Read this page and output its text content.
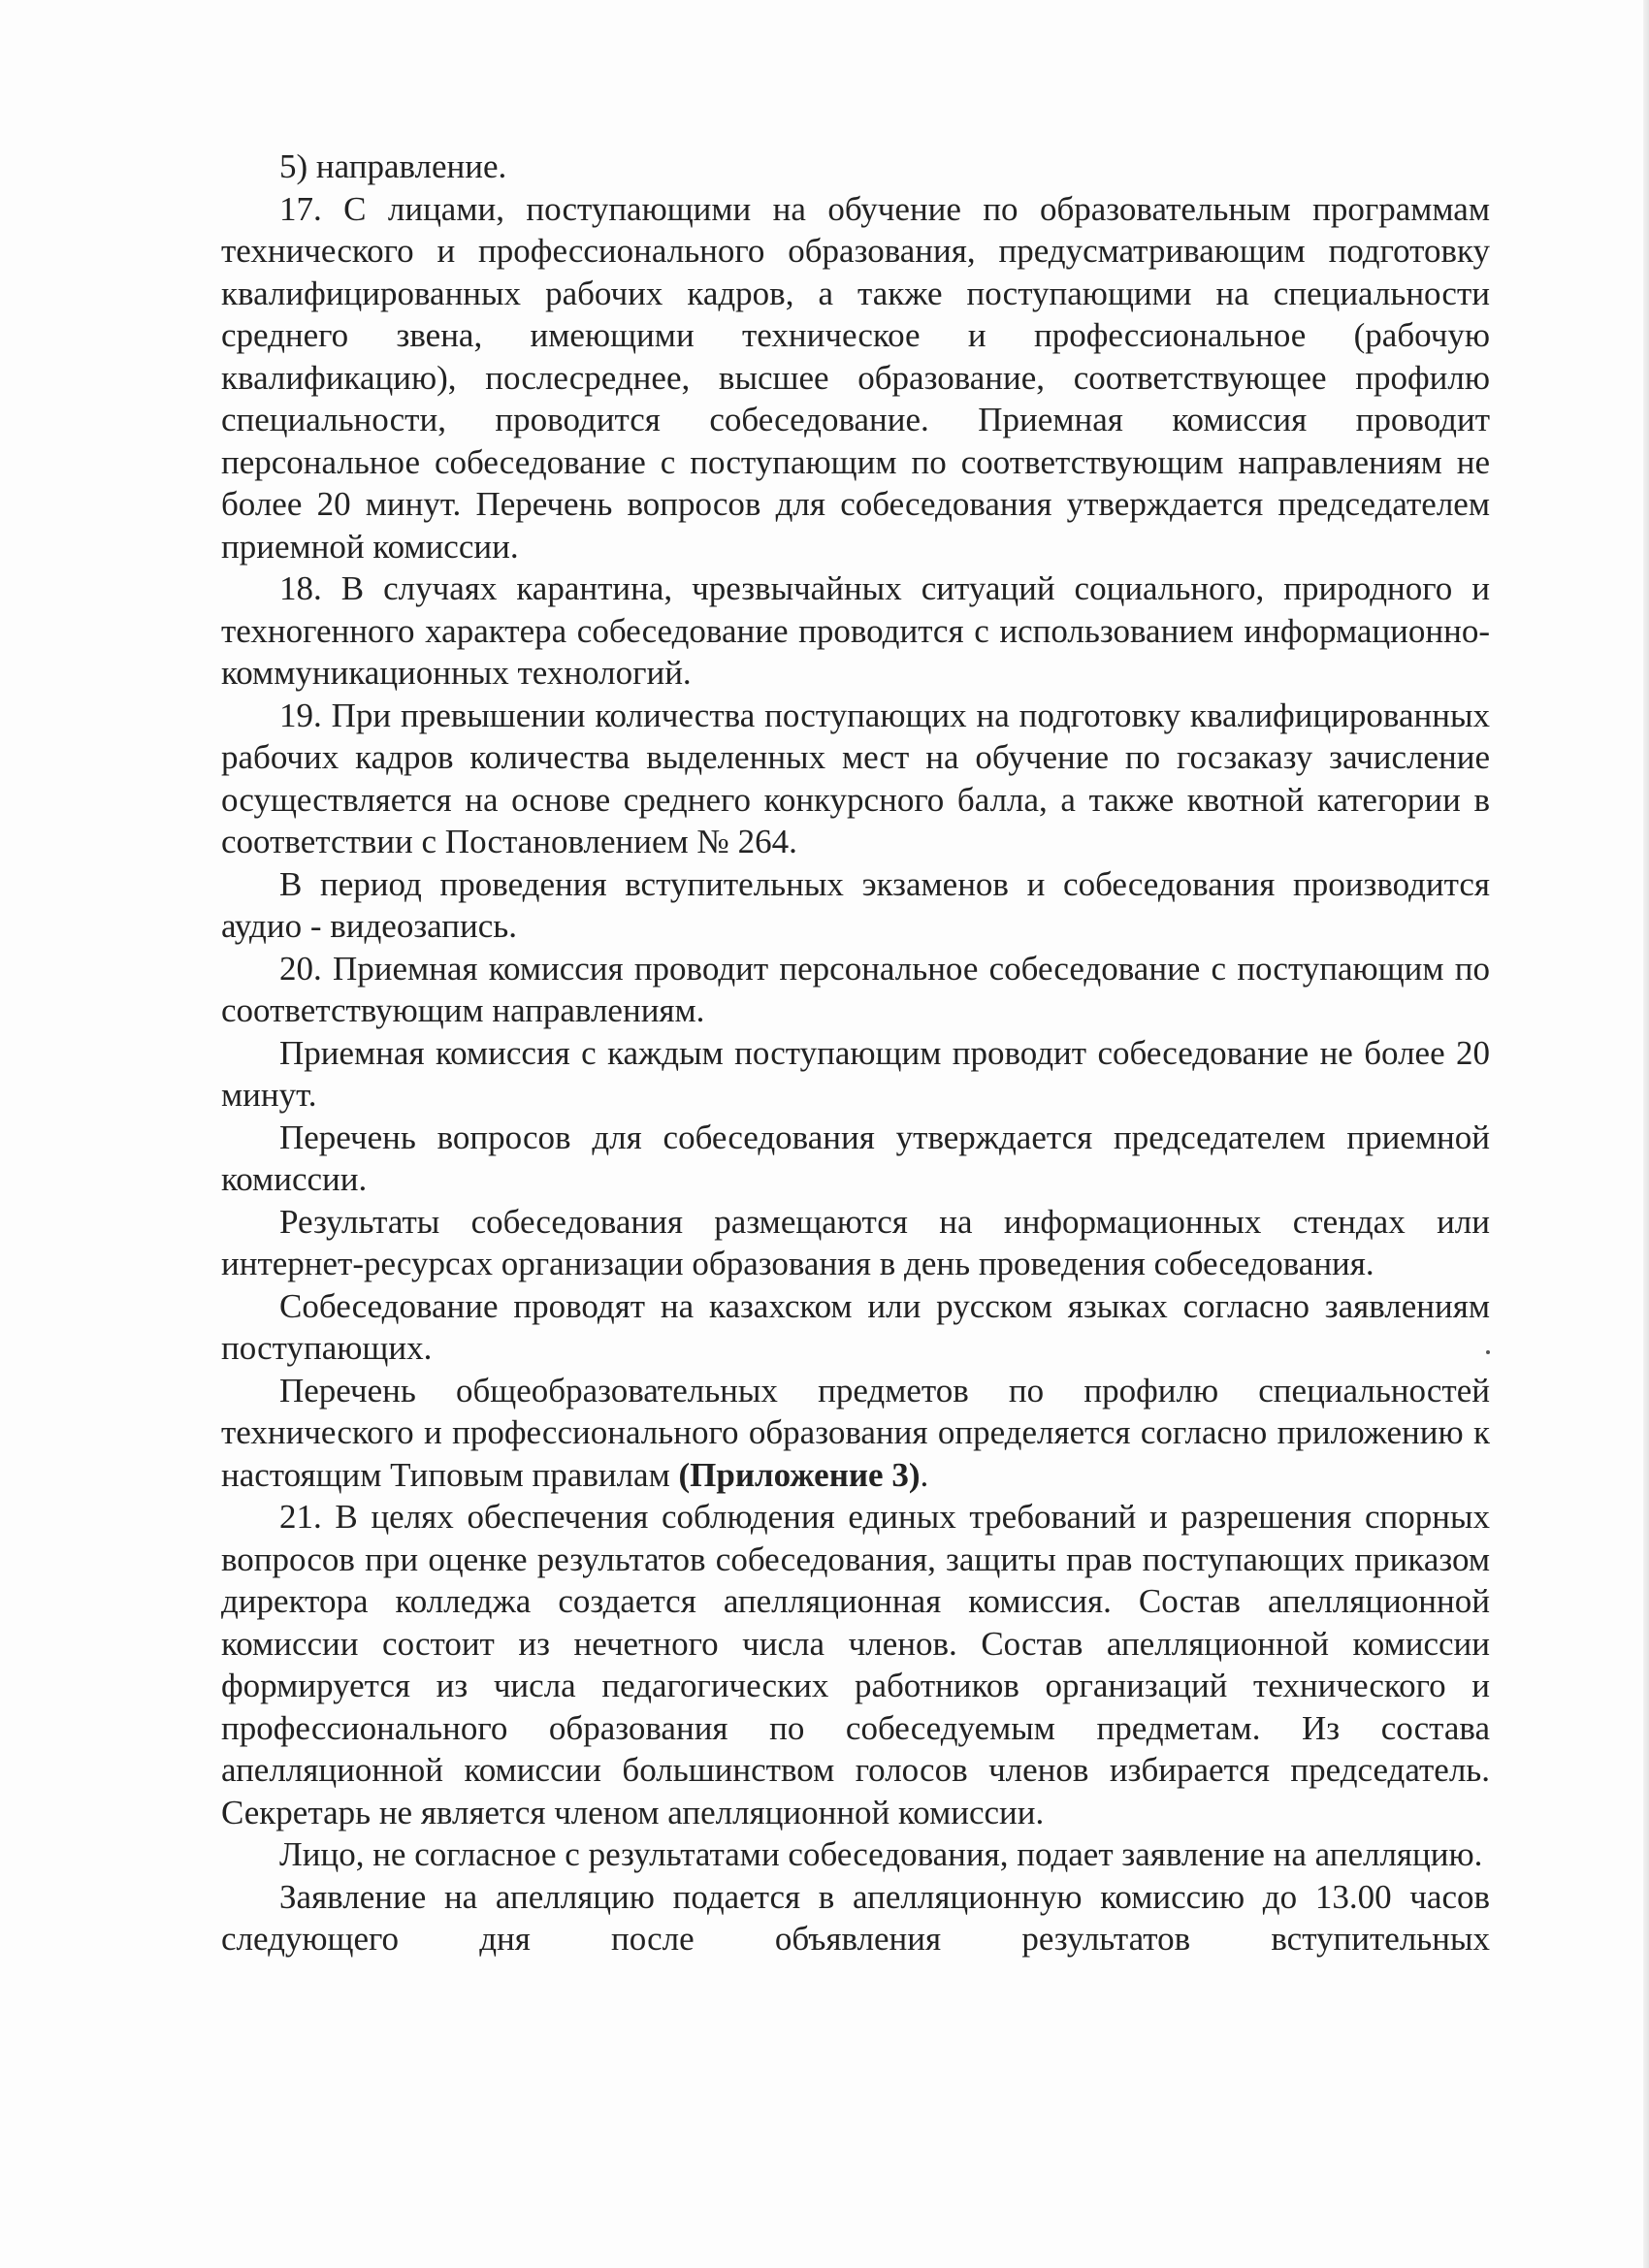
5) направление.

17. С лицами, поступающими на обучение по образовательным программам технического и профессионального образования, предусматривающим подготовку квалифицированных рабочих кадров, а также поступающими на специальности среднего звена, имеющими техническое и профессиональное (рабочую квалификацию), послесреднее, высшее образование, соответствующее профилю специальности, проводится собеседование. Приемная комиссия проводит персональное собеседование с поступающим по соответствующим направлениям не более 20 минут. Перечень вопросов для собеседования утверждается председателем приемной комиссии.

18. В случаях карантина, чрезвычайных ситуаций социального, природного и техногенного характера собеседование проводится с использованием информационно-коммуникационных технологий.

19. При превышении количества поступающих на подготовку квалифицированных рабочих кадров количества выделенных мест на обучение по госзаказу зачисление осуществляется на основе среднего конкурсного балла, а также квотной категории в соответствии с Постановлением № 264.

В период проведения вступительных экзаменов и собеседования производится аудио - видеозапись.

20. Приемная комиссия проводит персональное собеседование с поступающим по соответствующим направлениям.

Приемная комиссия с каждым поступающим проводит собеседование не более 20 минут.

Перечень вопросов для собеседования утверждается председателем приемной комиссии.

Результаты собеседования размещаются на информационных стендах или интернет-ресурсах организации образования в день проведения собеседования.

Собеседование проводят на казахском или русском языках согласно заявлениям поступающих.

Перечень общеобразовательных предметов по профилю специальностей технического и профессионального образования определяется согласно приложению к настоящим Типовым правилам (Приложение 3).

21. В целях обеспечения соблюдения единых требований и разрешения спорных вопросов при оценке результатов собеседования, защиты прав поступающих приказом директора колледжа создается апелляционная комиссия. Состав апелляционной комиссии состоит из нечетного числа членов. Состав апелляционной комиссии формируется из числа педагогических работников организаций технического и профессионального образования по собеседуемым предметам. Из состава апелляционной комиссии большинством голосов членов избирается председатель. Секретарь не является членом апелляционной комиссии.

Лицо, не согласное с результатами собеседования, подает заявление на апелляцию.

Заявление на апелляцию подается в апелляционную комиссию до 13.00 часов следующего дня после объявления результатов вступительных
